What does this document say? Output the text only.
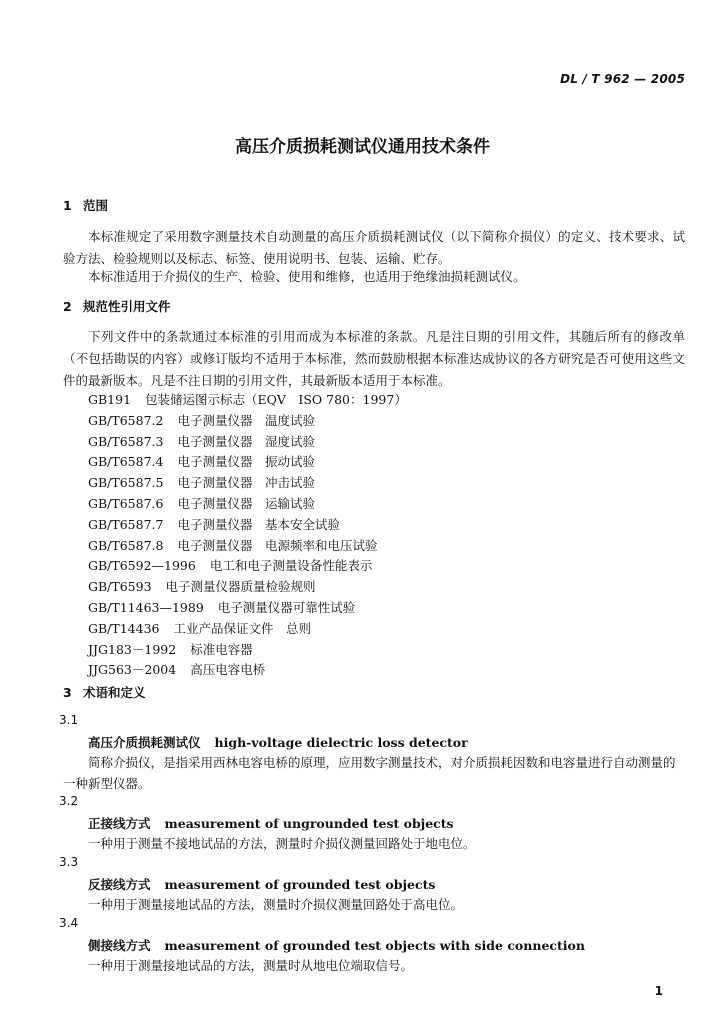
DL / T 962 — 2005
高压介质损耗测试仪通用技术条件
1 范围
本标准规定了采用数字测量技术自动测量的高压介质损耗测试仪（以下简称介损仪）的定义、技术要求、试验方法、检验规则以及标志、标签、使用说明书、包装、运输、贮存。
本标准适用于介损仪的生产、检验、使用和维修，也适用于绝缘油损耗测试仪。
2 规范性引用文件
下列文件中的条款通过本标准的引用而成为本标准的条款。凡是注日期的引用文件，其随后所有的修改单（不包括勘误的内容）或修订版均不适用于本标准，然而鼓励根据本标准达成协议的各方研究是否可使用这些文件的最新版本。凡是不注日期的引用文件，其最新版本适用于本标准。
GB191 包装储运图示标志（EQV　ISO 780：1997）
GB/T6587.2 电子测量仪器　温度试验
GB/T6587.3 电子测量仪器　湿度试验
GB/T6587.4 电子测量仪器　振动试验
GB/T6587.5 电子测量仪器　冲击试验
GB/T6587.6 电子测量仪器　运输试验
GB/T6587.7 电子测量仪器　基本安全试验
GB/T6587.8 电子测量仪器　电源频率和电压试验
GB/T6592—1996 电工和电子测量设备性能表示
GB/T6593 电子测量仪器质量检验规则
GB/T11463—1989 电子测量仪器可靠性试验
GB/T14436 工业产品保证文件　总则
JJG183－1992 标准电容器
JJG563－2004 高压电容电桥
3 术语和定义
3.1
高压介质损耗测试仪 high-voltage dielectric loss detector
简称介损仪，是指采用西林电容电桥的原理，应用数字测量技术，对介质损耗因数和电容量进行自动测量的一种新型仪器。
3.2
正接线方式 measurement of ungrounded test objects
一种用于测量不接地试品的方法，测量时介损仪测量回路处于地电位。
3.3
反接线方式 measurement of grounded test objects
一种用于测量接地试品的方法，测量时介损仪测量回路处于高电位。
3.4
侧接线方式 measurement of grounded test objects with side connection
一种用于测量接地试品的方法，测量时从地电位端取信号。
1
